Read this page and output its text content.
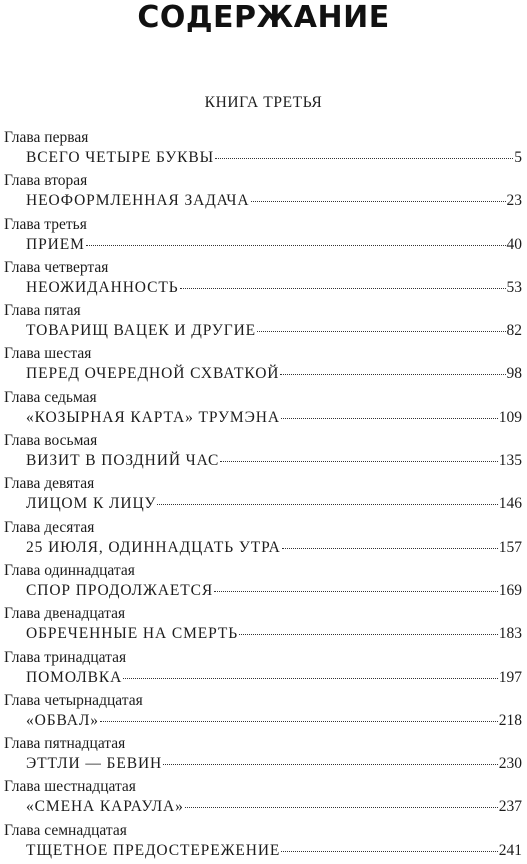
СОДЕРЖАНИЕ
КНИГА ТРЕТЬЯ
Глава первая
ВСЕГО ЧЕТЫРЕ БУКВЫ	5
Глава вторая
НЕОФОРМЛЕННАЯ ЗАДАЧА	23
Глава третья
ПРИЕМ	40
Глава четвертая
НЕОЖИДАННОСТЬ	53
Глава пятая
ТОВАРИЩ ВАЦЕК И ДРУГИЕ	82
Глава шестая
ПЕРЕД ОЧЕРЕДНОЙ СХВАТКОЙ	98
Глава седьмая
«КОЗЫРНАЯ КАРТА» ТРУМЭНА	109
Глава восьмая
ВИЗИТ В ПОЗДНИЙ ЧАС	135
Глава девятая
ЛИЦОМ К ЛИЦУ	146
Глава десятая
25 ИЮЛЯ, ОДИННАДЦАТЬ УТРА	157
Глава одиннадцатая
СПОР ПРОДОЛЖАЕТСЯ	169
Глава двенадцатая
ОБРЕЧЕННЫЕ НА СМЕРТЬ	183
Глава тринадцатая
ПОМОЛВКА	197
Глава четырнадцатая
«ОБВАЛ»	218
Глава пятнадцатая
ЭТТЛИ — БЕВИН	230
Глава шестнадцатая
«СМЕНА КАРАУЛА»	237
Глава семнадцатая
ТЩЕТНОЕ ПРЕДОСТЕРЕЖЕНИЕ	241
